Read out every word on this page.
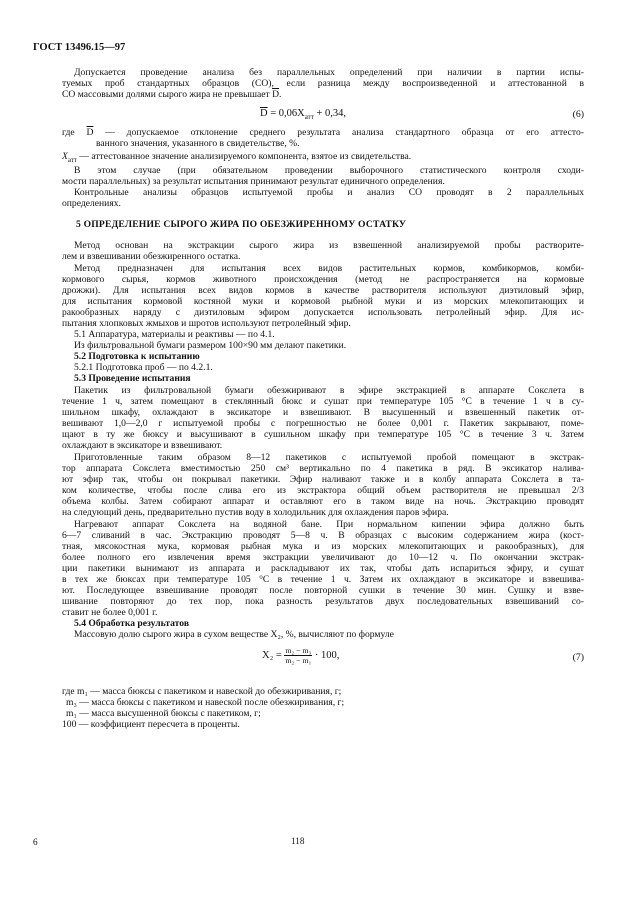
ГОСТ 13496.15—97
Допускается проведение анализа без параллельных определений при наличии в партии испы-
туемых проб стандартных образцов (СО), если разница между воспроизведенной и аттестованной в
СО массовыми долями сырого жира не превышает $\overline{D}$.
$\overline{D} = 0,06X_{атт} + 0,34$,	(6)
где $\overline{D}$ — допускаемое отклонение среднего результата анализа стандартного образца от его аттесто-
ванного значения, указанного в свидетельстве, %.
$X_{атт}$ — аттестованное значение анализируемого компонента, взятое из свидетельства.
В этом случае (при обязательном проведении выборочного статистического контроля сходи-
мости параллельных) за результат испытания принимают результат единичного определения.
Контрольные анализы образцов испытуемой пробы и анализ СО проводят в 2 параллельных
определениях.
5 ОПРЕДЕЛЕНИЕ СЫРОГО ЖИРА ПО ОБЕЗЖИРЕННОМУ ОСТАТКУ
Метод основан на экстракции сырого жира из взвешенной анализируемой пробы растворите-
лем и взвешивании обезжиренного остатка.
Метод предназначен для испытания всех видов растительных кормов, комбикормов, комби-
кормового сырья, кормов животного происхождения (метод не распространяется на кормовые
дрожжи). Для испытания всех видов кормов в качестве растворителя используют диэтиловый эфир,
для испытания кормовой костяной муки и кормовой рыбной муки и из морских млекопитающих и
ракообразных наряду с диэтиловым эфиром допускается использовать петролейный эфир. Для ис-
пытания хлопковых жмыхов и шротов используют петролейный эфир.
5.1 Аппаратура, материалы и реактивы — по 4.1.
Из фильтровальной бумаги размером 100×90 мм делают пакетики.
5.2 Подготовка к испытанию
5.2.1 Подготовка проб — по 4.2.1.
5.3 Проведение испытания
Пакетик из фильтровальной бумаги обезжиривают в эфире экстракцией в аппарате Сокслета в
течение 1 ч, затем помещают в стеклянный бюкс и сушат при температуре 105 °С в течение 1 ч в су-
шильном шкафу, охлаждают в эксикаторе и взвешивают. В высушенный и взвешенный пакетик от-
вешивают 1,0—2,0 г испытуемой пробы с погрешностью не более 0,001 г. Пакетик закрывают, поме-
щают в ту же бюксу и высушивают в сушильном шкафу при температуре 105 °С в течение 3 ч. Затем
охлаждают в эксикаторе и взвешивают.
Приготовленные таким образом 8—12 пакетиков с испытуемой пробой помещают в экстрак-
тор аппарата Сокслета вместимостью 250 см³ вертикально по 4 пакетика в ряд. В эксикатор налива-
ют эфир так, чтобы он покрывал пакетики. Эфир наливают также и в колбу аппарата Сокслета в та-
ком количестве, чтобы после слива его из экстрактора общий объем растворителя не превышал 2/3
объема колбы. Затем собирают аппарат и оставляют его в таком виде на ночь. Экстракцию проводят
на следующий день, предварительно пустив воду в холодильник для охлаждения паров эфира.
Нагревают аппарат Сокслета на водяной бане. При нормальном кипении эфира должно быть
6—7 сливаний в час. Экстракцию проводят 5—8 ч. В образцах с высоким содержанием жира (кост-
тная, мясокостная мука, кормовая рыбная мука и из морских млекопитающих и ракообразных), для
более полного его извлечения время экстракции увеличивают до 10—12 ч. По окончании экстрак-
ции пакетики вынимают из аппарата и раскладывают их так, чтобы дать испариться эфиру, и сушат
в тех же бюксах при температуре 105 °С в течение 1 ч. Затем их охлаждают в эксикаторе и взвешива-
ют. Последующее взвешивание проводят после повторной сушки в течение 30 мин. Сушку и взве-
шивание повторяют до тех пор, пока разность результатов двух последовательных взвешиваний со-
ставит не более 0,001 г.
5.4 Обработка результатов
Массовую долю сырого жира в сухом веществе X₂, %, вычисляют по формуле
$X_2 = \frac{\text{m₂ − m₃}}{\text{m₂ − m₁}} \cdot 100$,	(7)
где m₁ — масса бюксы с пакетиком и навеской до обезжиривания, г;
m₃ — масса бюксы с пакетиком и навеской после обезжиривания, г;
m₁ — масса высушенной бюксы с пакетиком, г;
100 — коэффициент пересчета в проценты.
6	118
